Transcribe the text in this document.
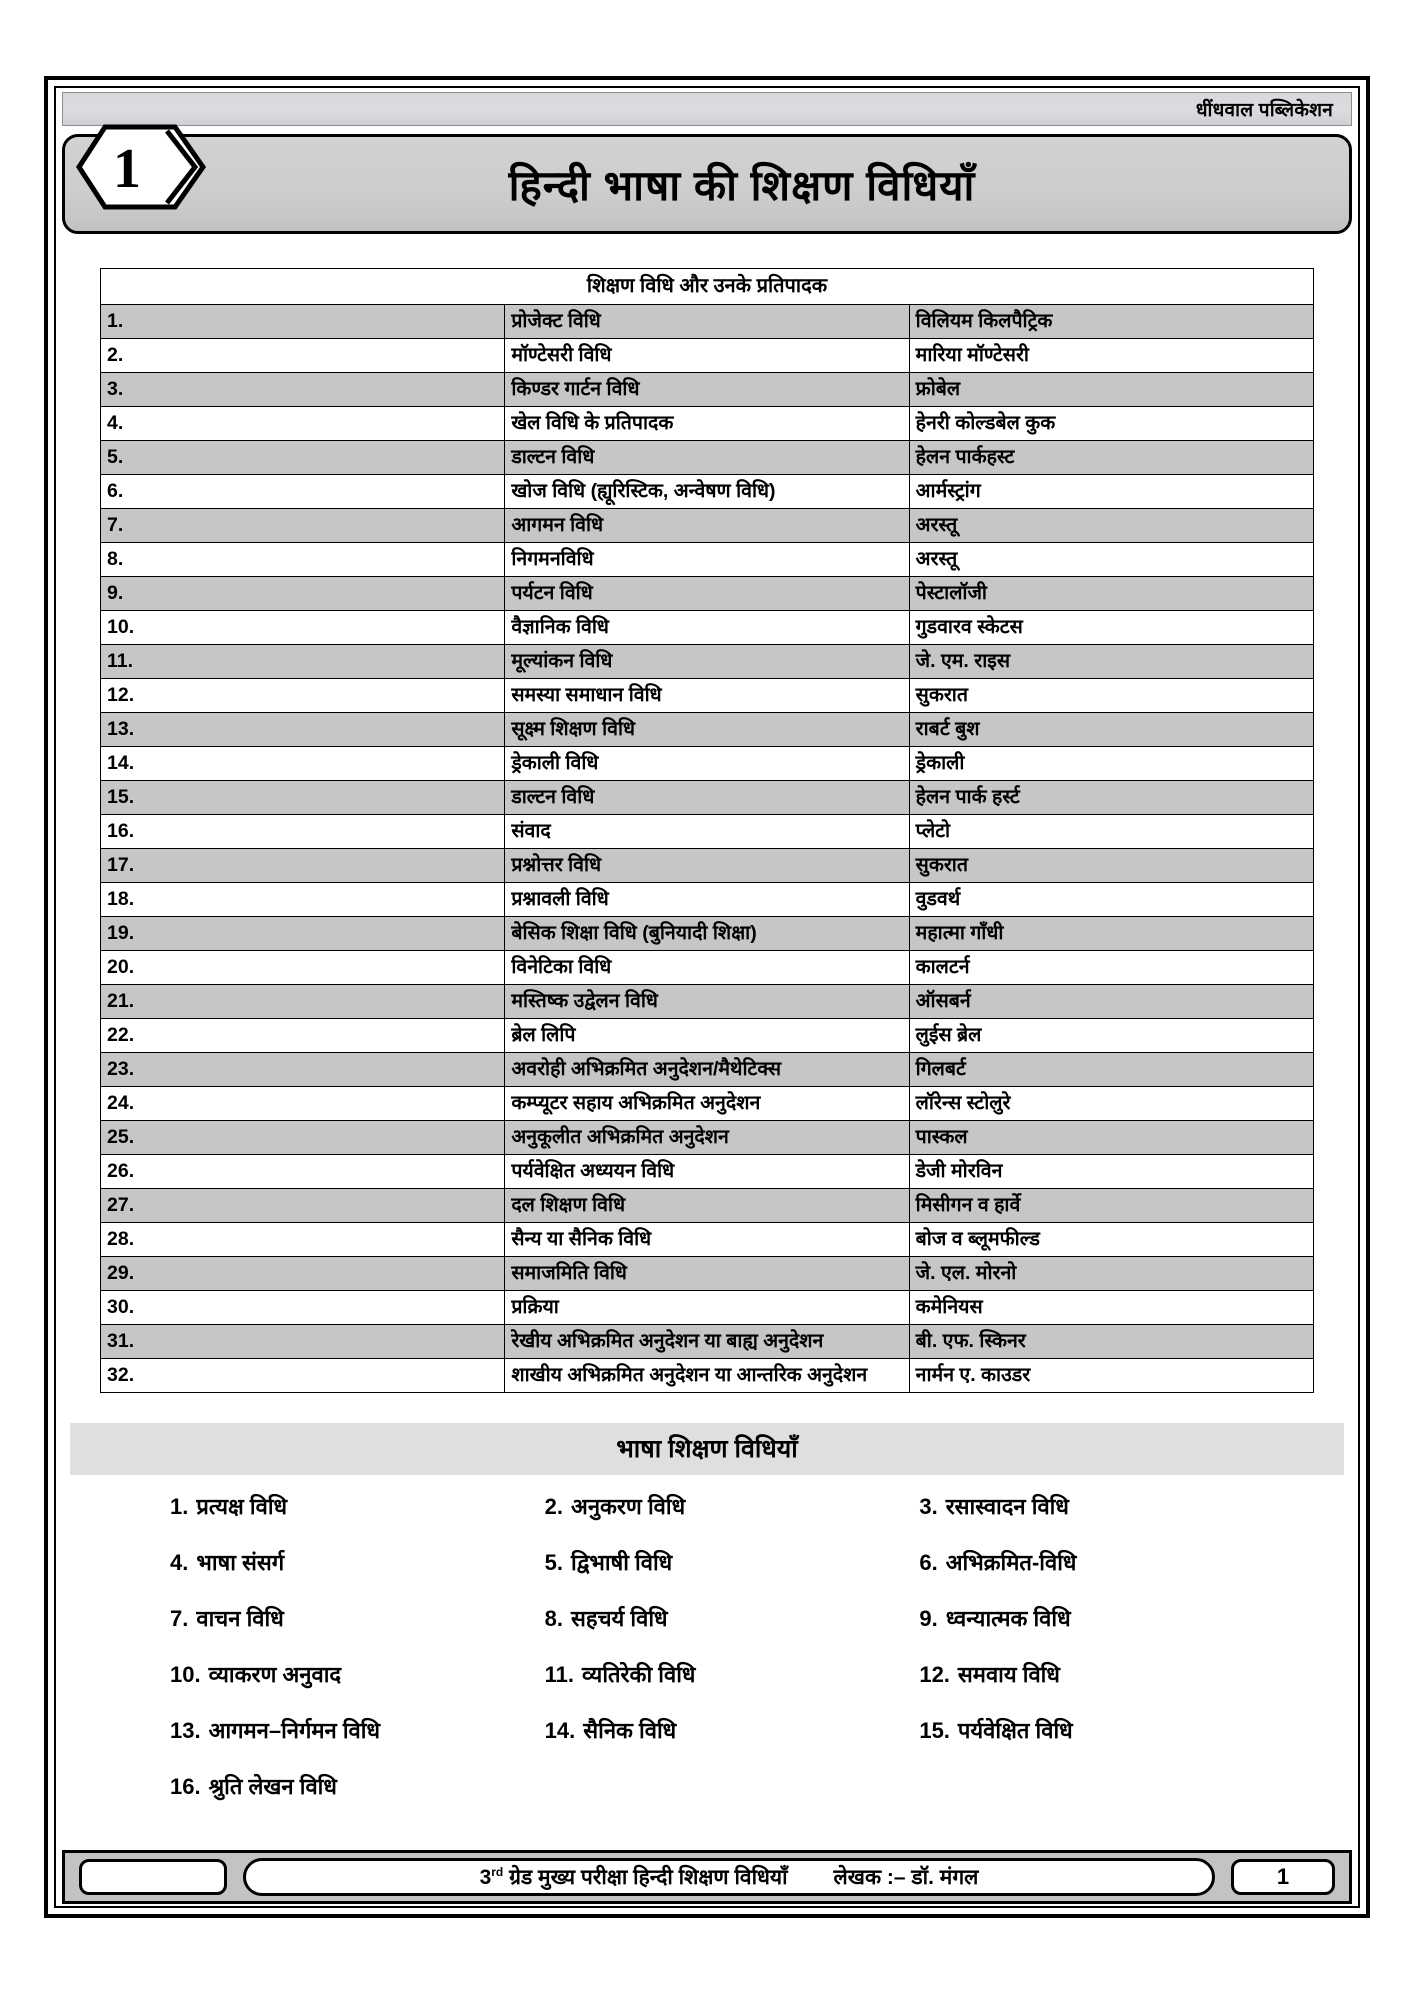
धींधवाल पब्लिकेशन
1	हिन्दी भाषा की शिक्षण विधियाँ
शिक्षण विधि और उनके प्रतिपादक		
1.	प्रोजेक्ट विधि	विलियम किलपैट्रिक
2.	मॉण्टेसरी विधि	मारिया मॉण्टेसरी
3.	किण्डर गार्टन विधि	फ्रोबेल
4.	खेल विधि के प्रतिपादक	हेनरी कोल्डबेल कुक
5.	डाल्टन विधि	हेलन पार्कहस्ट
6.	खोज विधि (ह्यूरिस्टिक, अन्वेषण विधि)	आर्मस्ट्रांग
7.	आगमन विधि	अरस्तू
8.	निगमनविधि	अरस्तू
9.	पर्यटन विधि	पेस्टालॉजी
10.	वैज्ञानिक विधि	गुडवारव स्केटस
11.	मूल्यांकन विधि	जे. एम. राइस
12.	समस्या समाधान विधि	सुकरात
13.	सूक्ष्म शिक्षण विधि	राबर्ट बुश
14.	ड्रेकाली विधि	ड्रेकाली
15.	डाल्टन विधि	हेलन पार्क हर्स्ट
16.	संवाद	प्लेटो
17.	प्रश्नोत्तर विधि	सुकरात
18.	प्रश्नावली विधि	वुडवर्थ
19.	बेसिक शिक्षा विधि (बुनियादी शिक्षा)	महात्मा गाँधी
20.	विनेटिका विधि	कालटर्न
21.	मस्तिष्क उद्वेलन विधि	ऑसबर्न
22.	ब्रेल लिपि	लुईस ब्रेल
23.	अवरोही अभिक्रमित अनुदेशन/मैथेटिक्स	गिलबर्ट
24.	कम्प्यूटर सहाय अभिक्रमित अनुदेशन	लॉरेन्स स्टोलुरे
25.	अनुकूलीत अभिक्रमित अनुदेशन	पास्कल
26.	पर्यवेक्षित अध्ययन विधि	डेजी मोरविन
27.	दल शिक्षण विधि	मिसीगन व हार्वे
28.	सैन्य या सैनिक विधि	बोज व ब्लूमफील्ड
29.	समाजमिति विधि	जे. एल. मोरनो
30.	प्रक्रिया	कमेनियस
31.	रेखीय अभिक्रमित अनुदेशन या बाह्य अनुदेशन	बी. एफ. स्किनर
32.	शाखीय अभिक्रमित अनुदेशन या आन्तरिक अनुदेशन	नार्मन ए. काउडर
भाषा शिक्षण विधियाँ
1. प्रत्यक्ष विधि	2. अनुकरण विधि	3. रसास्वादन विधि
4. भाषा संसर्ग	5. द्विभाषी विधि	6. अभिक्रमित-विधि
7. वाचन विधि	8. सहचर्य विधि	9. ध्वन्यात्मक विधि
10. व्याकरण अनुवाद	11. व्यतिरेकी विधि	12. समवाय विधि
13. आगमन–निर्गमन विधि	14. सैनिक विधि	15. पर्यवेक्षित विधि
16. श्रुति लेखन विधि
3rd ग्रेड मुख्य परीक्षा हिन्दी शिक्षण विधियाँ लेखक :– डॉ. मंगल	1
